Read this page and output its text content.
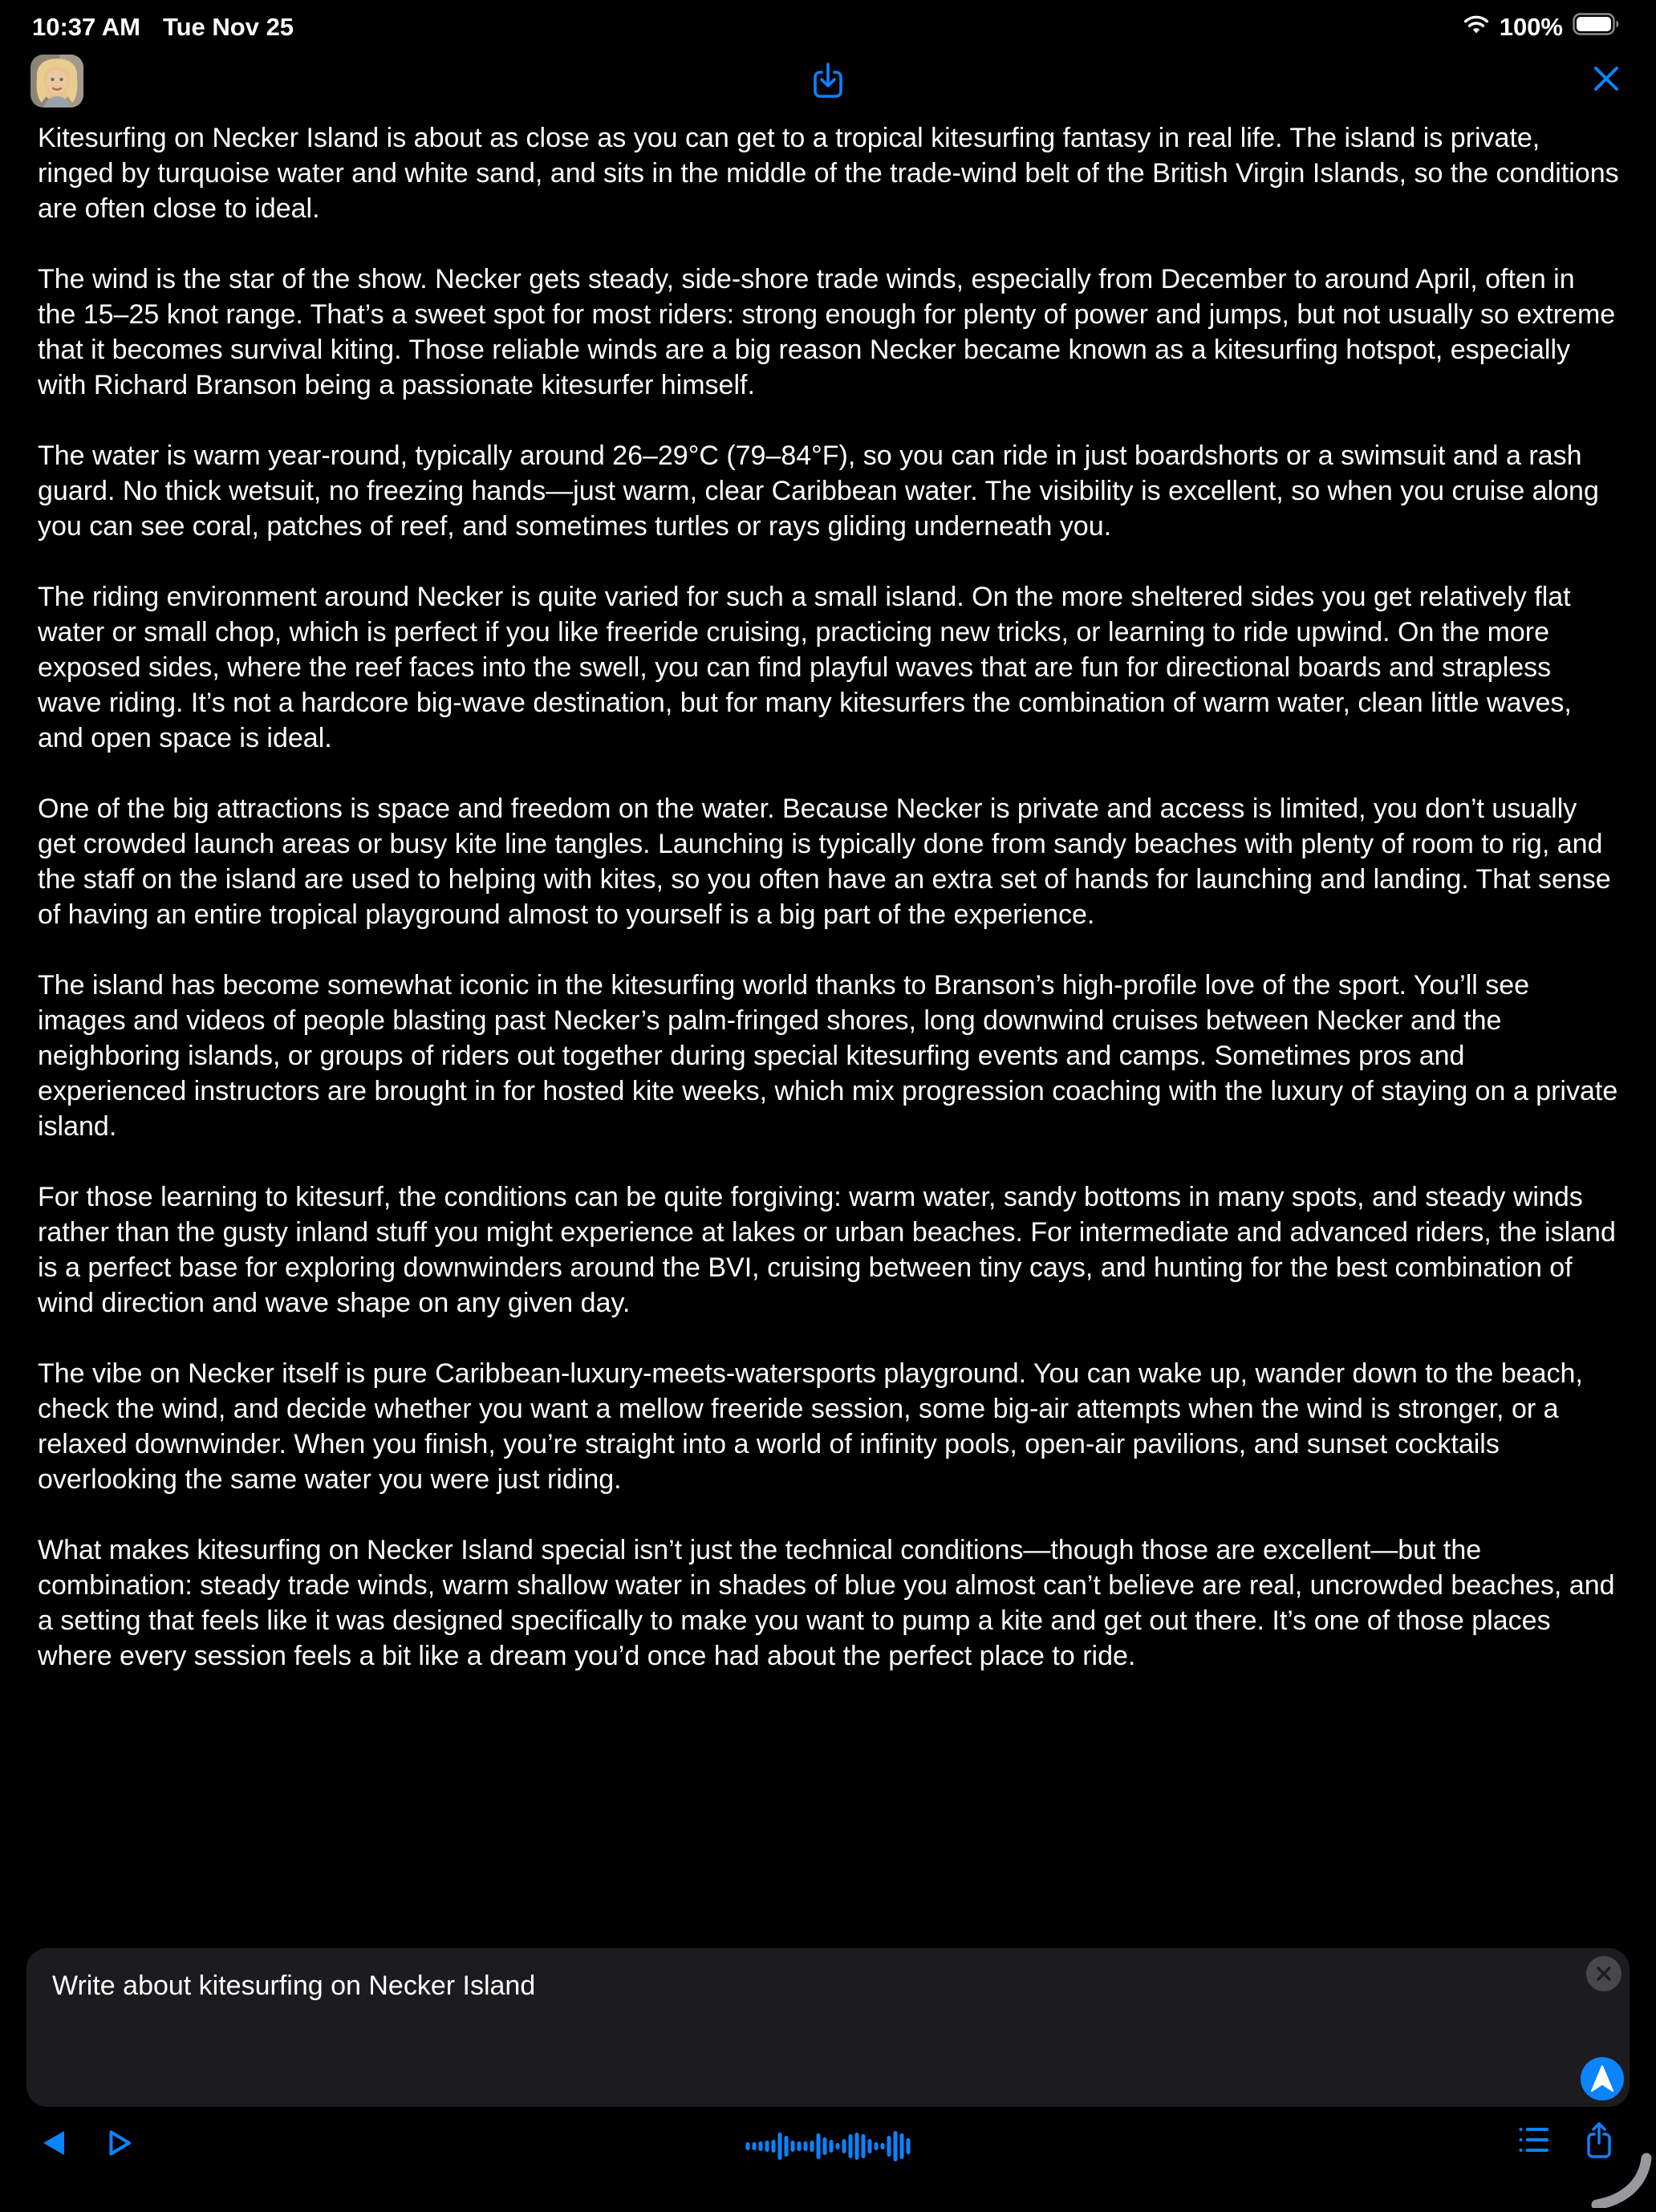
10:37 AM Tue Nov 25	100%

Kitesurfing on Necker Island is about as close as you can get to a tropical kitesurfing fantasy in real life. The island is private, ringed by turquoise water and white sand, and sits in the middle of the trade-wind belt of the British Virgin Islands, so the conditions are often close to ideal.

The wind is the star of the show. Necker gets steady, side-shore trade winds, especially from December to around April, often in the 15–25 knot range. That’s a sweet spot for most riders: strong enough for plenty of power and jumps, but not usually so extreme that it becomes survival kiting. Those reliable winds are a big reason Necker became known as a kitesurfing hotspot, especially with Richard Branson being a passionate kitesurfer himself.

The water is warm year-round, typically around 26–29°C (79–84°F), so you can ride in just boardshorts or a swimsuit and a rash guard. No thick wetsuit, no freezing hands—just warm, clear Caribbean water. The visibility is excellent, so when you cruise along you can see coral, patches of reef, and sometimes turtles or rays gliding underneath you.

The riding environment around Necker is quite varied for such a small island. On the more sheltered sides you get relatively flat water or small chop, which is perfect if you like freeride cruising, practicing new tricks, or learning to ride upwind. On the more exposed sides, where the reef faces into the swell, you can find playful waves that are fun for directional boards and strapless wave riding. It’s not a hardcore big-wave destination, but for many kitesurfers the combination of warm water, clean little waves, and open space is ideal.

One of the big attractions is space and freedom on the water. Because Necker is private and access is limited, you don’t usually get crowded launch areas or busy kite line tangles. Launching is typically done from sandy beaches with plenty of room to rig, and the staff on the island are used to helping with kites, so you often have an extra set of hands for launching and landing. That sense of having an entire tropical playground almost to yourself is a big part of the experience.

The island has become somewhat iconic in the kitesurfing world thanks to Branson’s high-profile love of the sport. You’ll see images and videos of people blasting past Necker’s palm-fringed shores, long downwind cruises between Necker and the neighboring islands, or groups of riders out together during special kitesurfing events and camps. Sometimes pros and experienced instructors are brought in for hosted kite weeks, which mix progression coaching with the luxury of staying on a private island.

For those learning to kitesurf, the conditions can be quite forgiving: warm water, sandy bottoms in many spots, and steady winds rather than the gusty inland stuff you might experience at lakes or urban beaches. For intermediate and advanced riders, the island is a perfect base for exploring downwinders around the BVI, cruising between tiny cays, and hunting for the best combination of wind direction and wave shape on any given day.

The vibe on Necker itself is pure Caribbean-luxury-meets-watersports playground. You can wake up, wander down to the beach, check the wind, and decide whether you want a mellow freeride session, some big-air attempts when the wind is stronger, or a relaxed downwinder. When you finish, you’re straight into a world of infinity pools, open-air pavilions, and sunset cocktails overlooking the same water you were just riding.

What makes kitesurfing on Necker Island special isn’t just the technical conditions—though those are excellent—but the combination: steady trade winds, warm shallow water in shades of blue you almost can’t believe are real, uncrowded beaches, and a setting that feels like it was designed specifically to make you want to pump a kite and get out there. It’s one of those places where every session feels a bit like a dream you’d once had about the perfect place to ride.

Write about kitesurfing on Necker Island
